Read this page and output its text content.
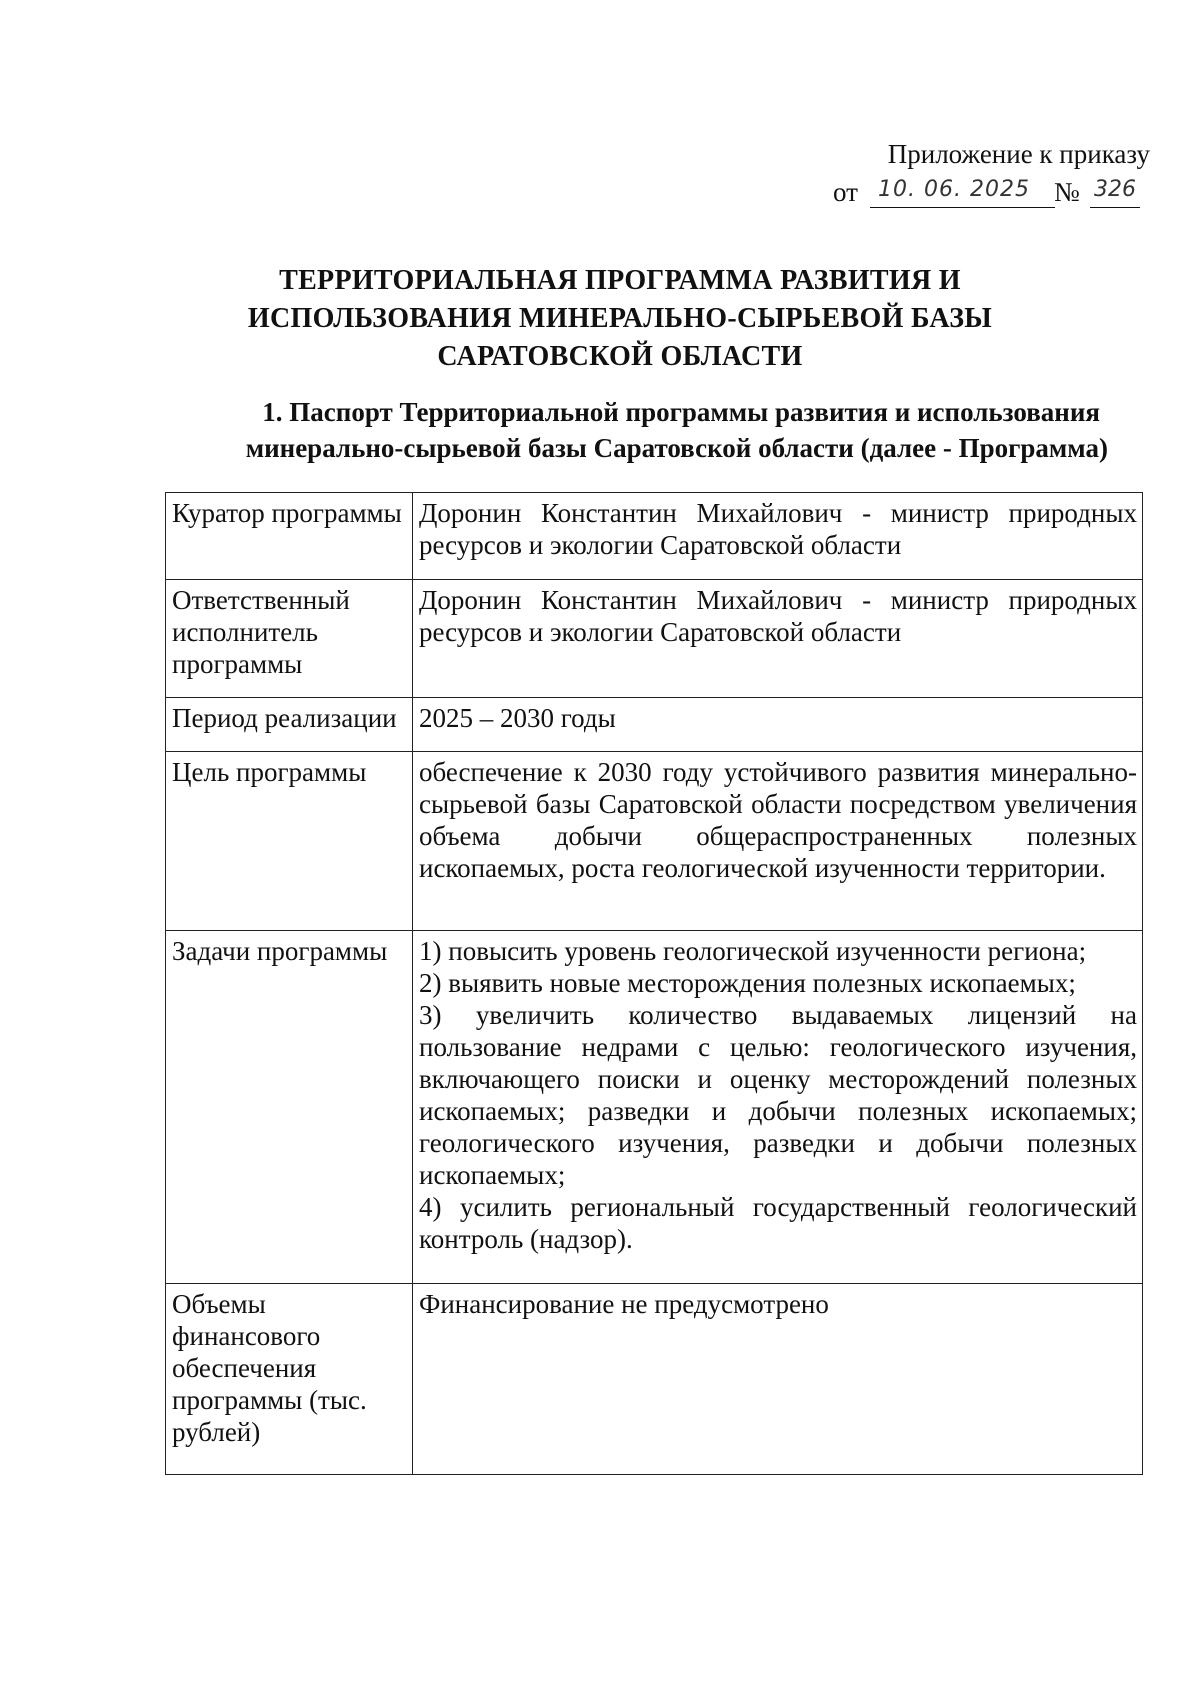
Приложение к приказу
от 10. 06. 2025 № 326
ТЕРРИТОРИАЛЬНАЯ ПРОГРАММА РАЗВИТИЯ И
ИСПОЛЬЗОВАНИЯ МИНЕРАЛЬНО-СЫРЬЕВОЙ БАЗЫ
САРАТОВСКОЙ ОБЛАСТИ
1. Паспорт Территориальной программы развития и использования
минерально-сырьевой базы Саратовской области (далее - Программа)
Куратор программы	Доронин Константин Михайлович - министр природных ресурсов и экологии Саратовской области
Ответственный исполнитель программы	Доронин Константин Михайлович - министр природных ресурсов и экологии Саратовской области
Период реализации	2025 – 2030 годы
Цель программы	обеспечение к 2030 году устойчивого развития минерально-сырьевой базы Саратовской области посредством увеличения объема добычи общераспространенных полезных ископаемых, роста геологической изученности территории.
Задачи программы	1) повысить уровень геологической изученности региона;
2) выявить новые месторождения полезных ископаемых;
3) увеличить количество выдаваемых лицензий на пользование недрами с целью: геологического изучения, включающего поиски и оценку месторождений полезных ископаемых; разведки и добычи полезных ископаемых; геологического изучения, разведки и добычи полезных ископаемых;
4) усилить региональный государственный геологический контроль (надзор).

Объемы финансового обеспечения программы (тыс. рублей)	Финансирование не предусмотрено
